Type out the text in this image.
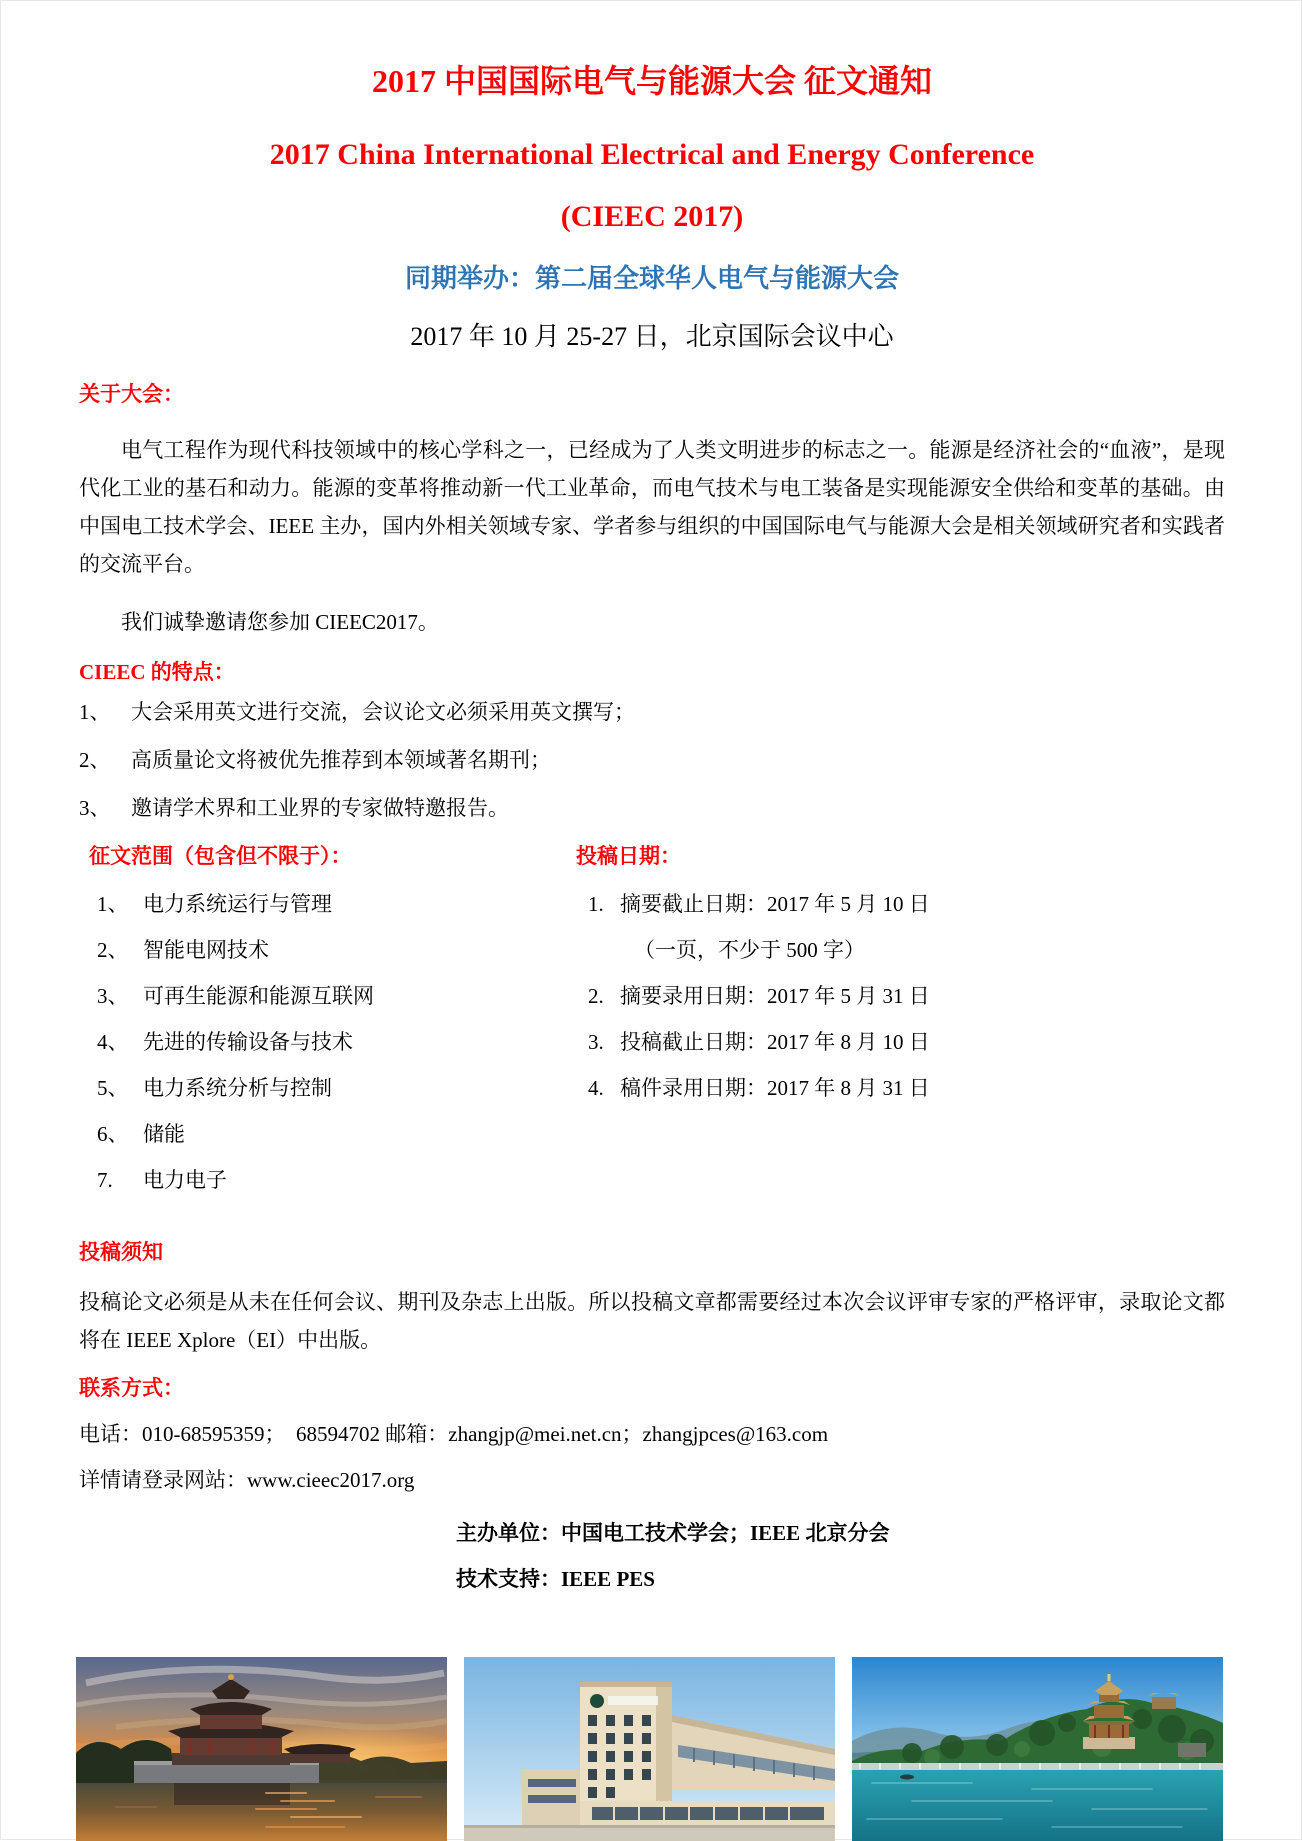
2017 中国国际电气与能源大会 征文通知
2017 China International Electrical and Energy Conference
(CIEEC 2017)
同期举办：第二届全球华人电气与能源大会
2017 年 10 月 25-27 日，北京国际会议中心
关于大会：

电气工程作为现代科技领域中的核心学科之一，已经成为了人类文明进步的标志之一。能源是经济社会的“血液”，是现代化工业的基石和动力。能源的变革将推动新一代工业革命，而电气技术与电工装备是实现能源安全供给和变革的基础。由中国电工技术学会、IEEE 主办，国内外相关领域专家、学者参与组织的中国国际电气与能源大会是相关领域研究者和实践者的交流平台。

我们诚挚邀请您参加 CIEEC2017。

CIEEC 的特点：
1、 大会采用英文进行交流，会议论文必须采用英文撰写；
2、 高质量论文将被优先推荐到本领域著名期刊；
3、 邀请学术界和工业界的专家做特邀报告。
征文范围（包含但不限于）：
1、 电力系统运行与管理
2、 智能电网技术
3、 可再生能源和能源互联网
4、 先进的传输设备与技术
5、 电力系统分析与控制
6、 储能
7.	电力电子
投稿日期：
1. 摘要截止日期：2017 年 5 月 10 日
（一页，不少于 500 字）
2. 摘要录用日期：2017 年 5 月 31 日
3. 投稿截止日期：2017 年 8 月 10 日
4. 稿件录用日期：2017 年 8 月 31 日
投稿须知

投稿论文必须是从未在任何会议、期刊及杂志上出版。所以投稿文章都需要经过本次会议评审专家的严格评审，录取论文都将在 IEEE Xplore（EI）中出版。

联系方式：

电话：010-68595359；  68594702 邮箱：zhangjp@mei.net.cn；zhangjpces@163.com

详情请登录网站：www.cieec2017.org

主办单位：中国电工技术学会；IEEE 北京分会

技术支持：IEEE PES
